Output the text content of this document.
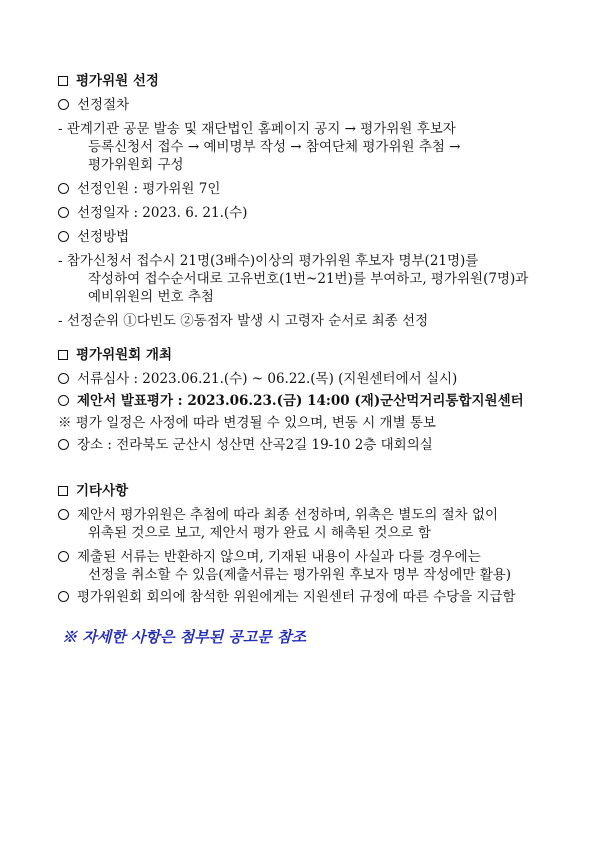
평가위원 선정
선정절차
- 관계기관 공문 발송 및 재단법인 홈페이지 공지 → 평가위원 후보자
등록신청서 접수 → 예비명부 작성 → 참여단체 평가위원 추첨 →
평가위원회 구성
선정인원 : 평가위원 7인
선정일자 : 2023. 6. 21.(수)
선정방법
- 참가신청서 접수시 21명(3배수)이상의 평가위원 후보자 명부(21명)를
작성하여 접수순서대로 고유번호(1번~21번)를 부여하고, 평가위원(7명)과
예비위원의 번호 추첨
- 선정순위 ①다빈도 ②동점자 발생 시 고령자 순서로 최종 선정
평가위원회 개최
서류심사 : 2023.06.21.(수) ~ 06.22.(목) (지원센터에서 실시)
제안서 발표평가 : 2023.06.23.(금) 14:00 (재)군산먹거리통합지원센터
※ 평가 일정은 사정에 따라 변경될 수 있으며, 변동 시 개별 통보
장소 : 전라북도 군산시 성산면 산곡2길 19-10 2층 대회의실
기타사항
제안서 평가위원은 추첨에 따라 최종 선정하며, 위촉은 별도의 절차 없이
위촉된 것으로 보고, 제안서 평가 완료 시 해촉된 것으로 함
제출된 서류는 반환하지 않으며, 기재된 내용이 사실과 다를 경우에는
선정을 취소할 수 있음(제출서류는 평가위원 후보자 명부 작성에만 활용)
평가위원회 회의에 참석한 위원에게는 지원센터 규정에 따른 수당을 지급함
※ 자세한 사항은 첨부된 공고문 참조
